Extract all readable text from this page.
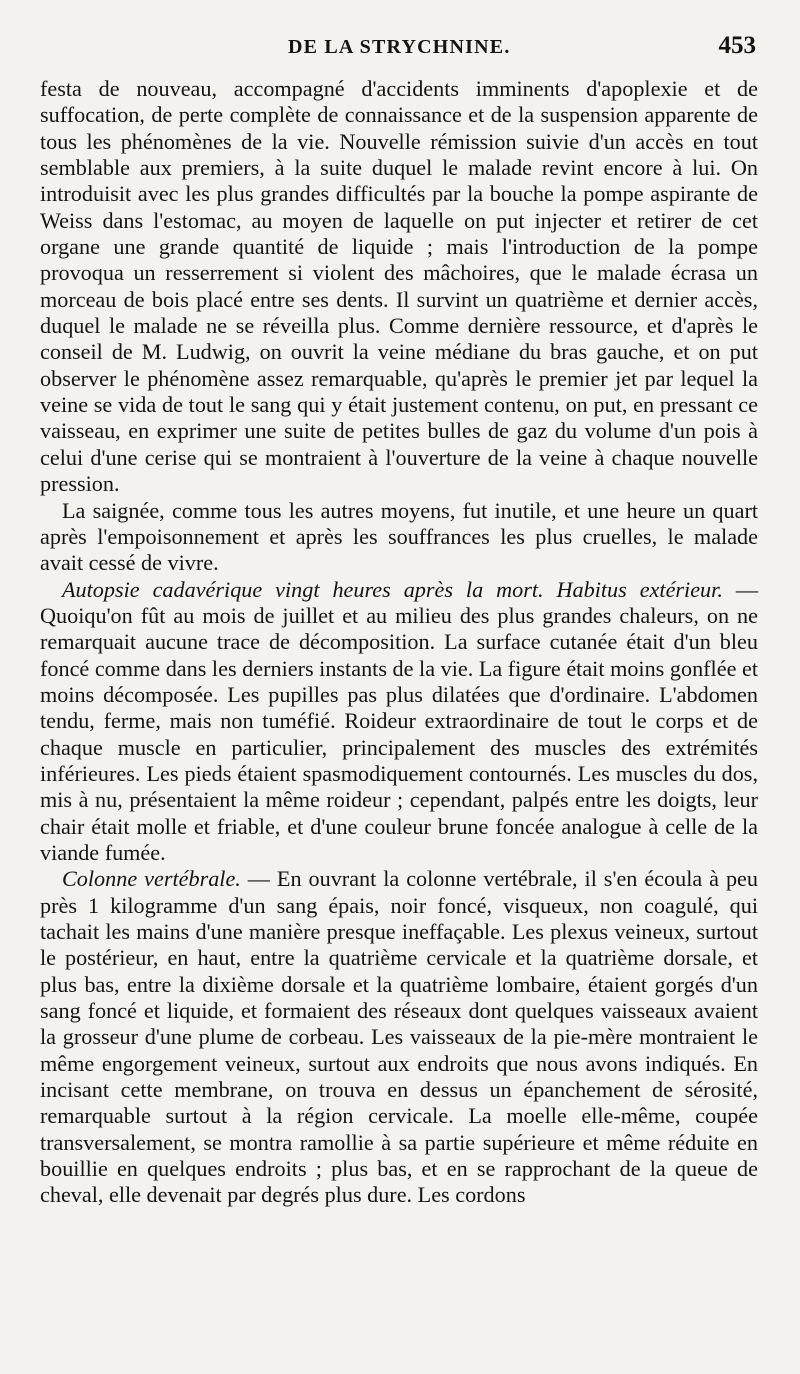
DE LA STRYCHNINE.	453

festa de nouveau, accompagné d'accidents imminents d'apoplexie et de suffocation, de perte complète de connaissance et de la suspension apparente de tous les phénomènes de la vie. Nouvelle rémission suivie d'un accès en tout semblable aux premiers, à la suite duquel le malade revint encore à lui. On introduisit avec les plus grandes difficultés par la bouche la pompe aspirante de Weiss dans l'estomac, au moyen de laquelle on put injecter et retirer de cet organe une grande quantité de liquide ; mais l'introduction de la pompe provoqua un resserrement si violent des mâchoires, que le malade écrasa un morceau de bois placé entre ses dents. Il survint un quatrième et dernier accès, duquel le malade ne se réveilla plus. Comme dernière ressource, et d'après le conseil de M. Ludwig, on ouvrit la veine médiane du bras gauche, et on put observer le phénomène assez remarquable, qu'après le premier jet par lequel la veine se vida de tout le sang qui y était justement contenu, on put, en pressant ce vaisseau, en exprimer une suite de petites bulles de gaz du volume d'un pois à celui d'une cerise qui se montraient à l'ouverture de la veine à chaque nouvelle pression.

La saignée, comme tous les autres moyens, fut inutile, et une heure un quart après l'empoisonnement et après les souffrances les plus cruelles, le malade avait cessé de vivre.

Autopsie cadavérique vingt heures après la mort. Habitus extérieur. — Quoiqu'on fût au mois de juillet et au milieu des plus grandes chaleurs, on ne remarquait aucune trace de décomposition. La surface cutanée était d'un bleu foncé comme dans les derniers instants de la vie. La figure était moins gonflée et moins décomposée. Les pupilles pas plus dilatées que d'ordinaire. L'abdomen tendu, ferme, mais non tuméfié. Roideur extraordinaire de tout le corps et de chaque muscle en particulier, principalement des muscles des extrémités inférieures. Les pieds étaient spasmodiquement contournés. Les muscles du dos, mis à nu, présentaient la même roideur ; cependant, palpés entre les doigts, leur chair était molle et friable, et d'une couleur brune foncée analogue à celle de la viande fumée.

Colonne vertébrale. — En ouvrant la colonne vertébrale, il s'en écoula à peu près 1 kilogramme d'un sang épais, noir foncé, visqueux, non coagulé, qui tachait les mains d'une manière presque ineffaçable. Les plexus veineux, surtout le postérieur, en haut, entre la quatrième cervicale et la quatrième dorsale, et plus bas, entre la dixième dorsale et la quatrième lombaire, étaient gorgés d'un sang foncé et liquide, et formaient des réseaux dont quelques vaisseaux avaient la grosseur d'une plume de corbeau. Les vaisseaux de la pie-mère montraient le même engorgement veineux, surtout aux endroits que nous avons indiqués. En incisant cette membrane, on trouva en dessus un épanchement de sérosité, remarquable surtout à la région cervicale. La moelle elle-même, coupée transversalement, se montra ramollie à sa partie supérieure et même réduite en bouillie en quelques endroits ; plus bas, et en se rapprochant de la queue de cheval, elle devenait par degrés plus dure. Les cordons
